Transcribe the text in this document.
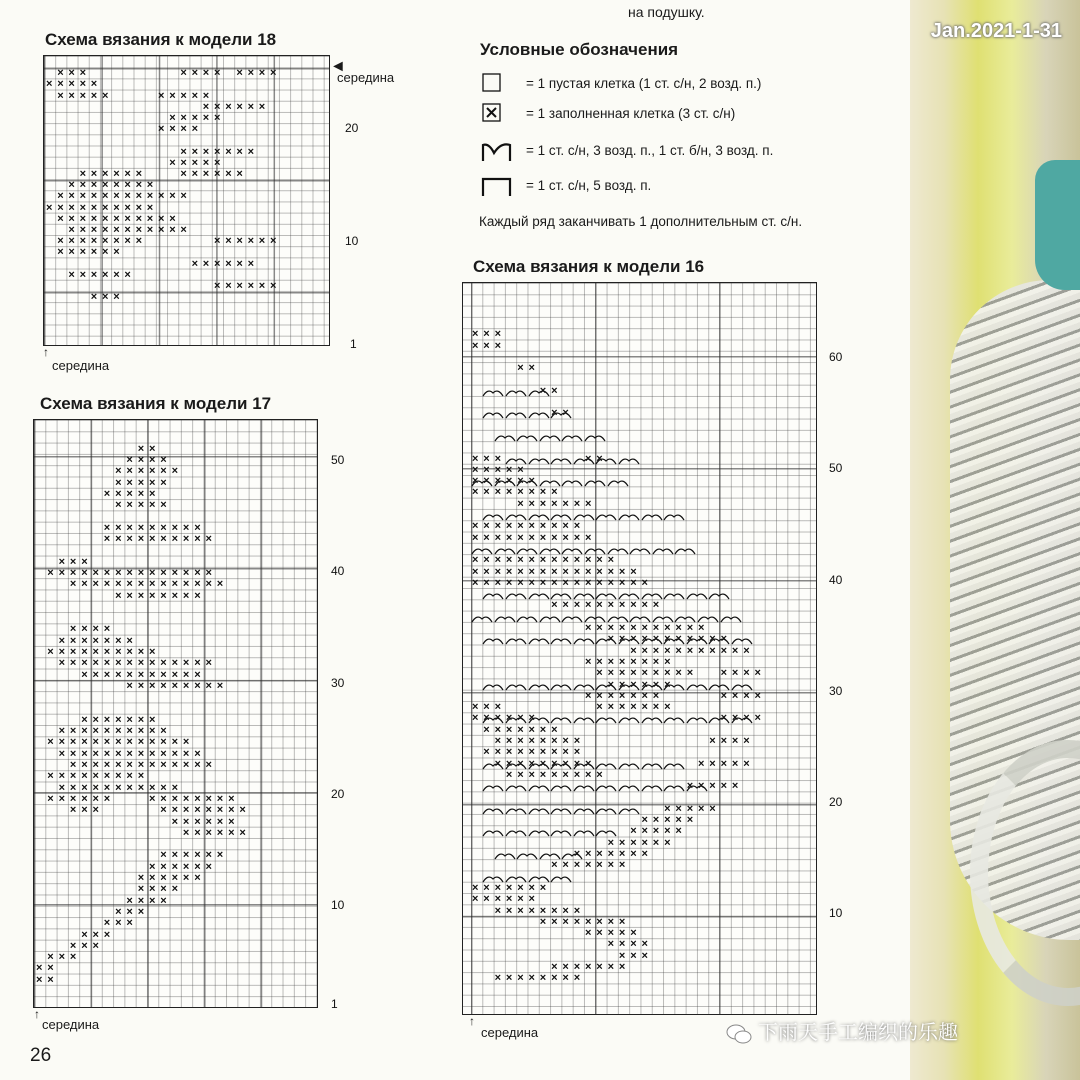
на подушку.
Схема вязания к модели 18
× × ×
× × × × ×
× × × × ×
× × × × × × × ×
× × × × ×
× × × × × ×
× × × × ×
× × × ×
× × × × × × ×
× × × × ×
× × × × × ×
× × × × × ×
× × × × × × × ×
× × × × × × × × × × × ×
× × × × × × × × × ×
× × × × × × × × × × ×
× × × × × × × × × × ×
× × × × × × × ×	× × × × × ×
× × × × × ×
× × × × × ×
× × × × × ×
× × × × × ×
× × ×
◄
середина
20
10
1
↑
середина
Схема вязания к модели 17
× ×
× × × ×
× × × × × ×
× × × × ×
× × × × ×
× × × × ×
× × × × × × × × ×
× × × × × × × × × ×
× × ×
× × × × ×
× ×
× × × × × × × × × ×
× × × × × × × × × × × ×
× × × × × × × ×
× × × ×
× × × × × × ×
× × × × × × × × × ×
× × × × × × × × × × × × × ×
× × × × × × × × × × ×
× × × × × × × × ×
× × × × × × ×
× × × × × × × × × ×
× × × × × × × × × × × × ×
× × × × × × × × × × × × ×
× × × × × × × × × × × × ×
× × × × × × × × ×
× × × × × × × × × × ×
× × × × × ×
× × ×
× × × × × × × ×
× × × × × × × ×
× × × × × ×
× × × × × ×
× × × × × ×
× × × × × ×
× × × × × ×
× × × ×
× × × ×
× × ×
× × ×
× × ×
× × ×
× × ×
× ×
× ×
50
40
30
20
10
1
↑
середина
Условные обозначения
= 1 пустая клетка (1 ст. с/н, 2 возд. п.)
= 1 заполненная клетка (3 ст. с/н)
= 1 ст. с/н, 3 возд. п., 1 ст. б/н, 3 возд. п.
= 1 ст. с/н, 5 возд. п.
Каждый ряд заканчивать 1 дополнительным ст. с/н.
Схема вязания к модели 16
× × ×
× × ×
× ×
× ×
× ×
× ×
× × ×
× × × × ×
× × × × × ×
× × × × × × × ×
× × × × × × ×
× × × × × × × × × ×
× × × × × × × × × × ×
× × × × × × × × × × × × ×
× × × × × × × × × × × × × × ×
× × × × × × × × × × × × × × × ×
× × × × × × × × × ×
× × × × × × × × × × ×
× × × × × × × × × × ×
× × × × × × × × × × ×
× × × × × × × ×
× × × × × × × × ×
× × × × × ×
× × × × × × ×
× × × × × × ×
× × ×
× × × × × ×
× × × × × × ×
× × × × × × × ×
× × × × × × × × ×
× × × × × × × × ×
× × × × × × × × ×
× × × ×
× × × ×
× × × ×
× × × ×
× × × × ×
× × × × ×
× × × × ×
× × × × ×
× × × × ×
× × × × × ×
× × × × × × ×
× × × × × × ×
× × × × × × ×
× × × × × ×
× × × × × × × ×
× × × × × × × ×
× × × × ×
× × × ×
× × ×
× × × × × × ×
× × × × × × × ×
60
50
40
30
20
10
↑
середина
26
Jan.2021-1-31
下雨天手工编织的乐趣
